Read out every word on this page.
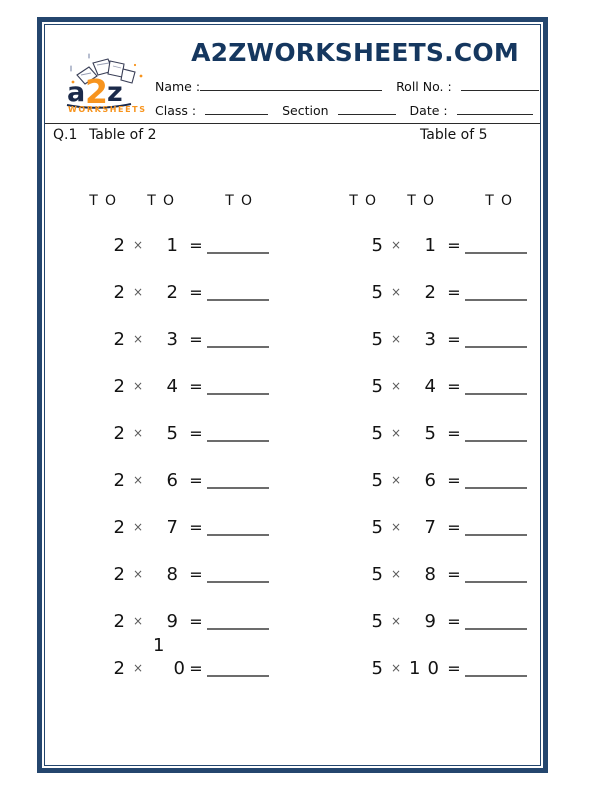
a 2 z
WORKSHEETS
A2ZWORKSHEETS.COM
Name :	Roll No. :
Class :	Section	Date :
Q.1 Table of 2	Table of 5
T O T O	T O	T O T O	T O
2 × 1 =
2 × 2 =
2 × 3 =
2 × 4 =
2 × 5 =
2 × 6 =
2 × 7 =
2 × 8 =
2 × 9 =
2 × 0 =
1
5 × 1 =
5 × 2 =
5 × 3 =
5 × 4 =
5 × 5 =
5 × 6 =
5 × 7 =
5 × 8 =
5 × 9 =
5 × 10=
